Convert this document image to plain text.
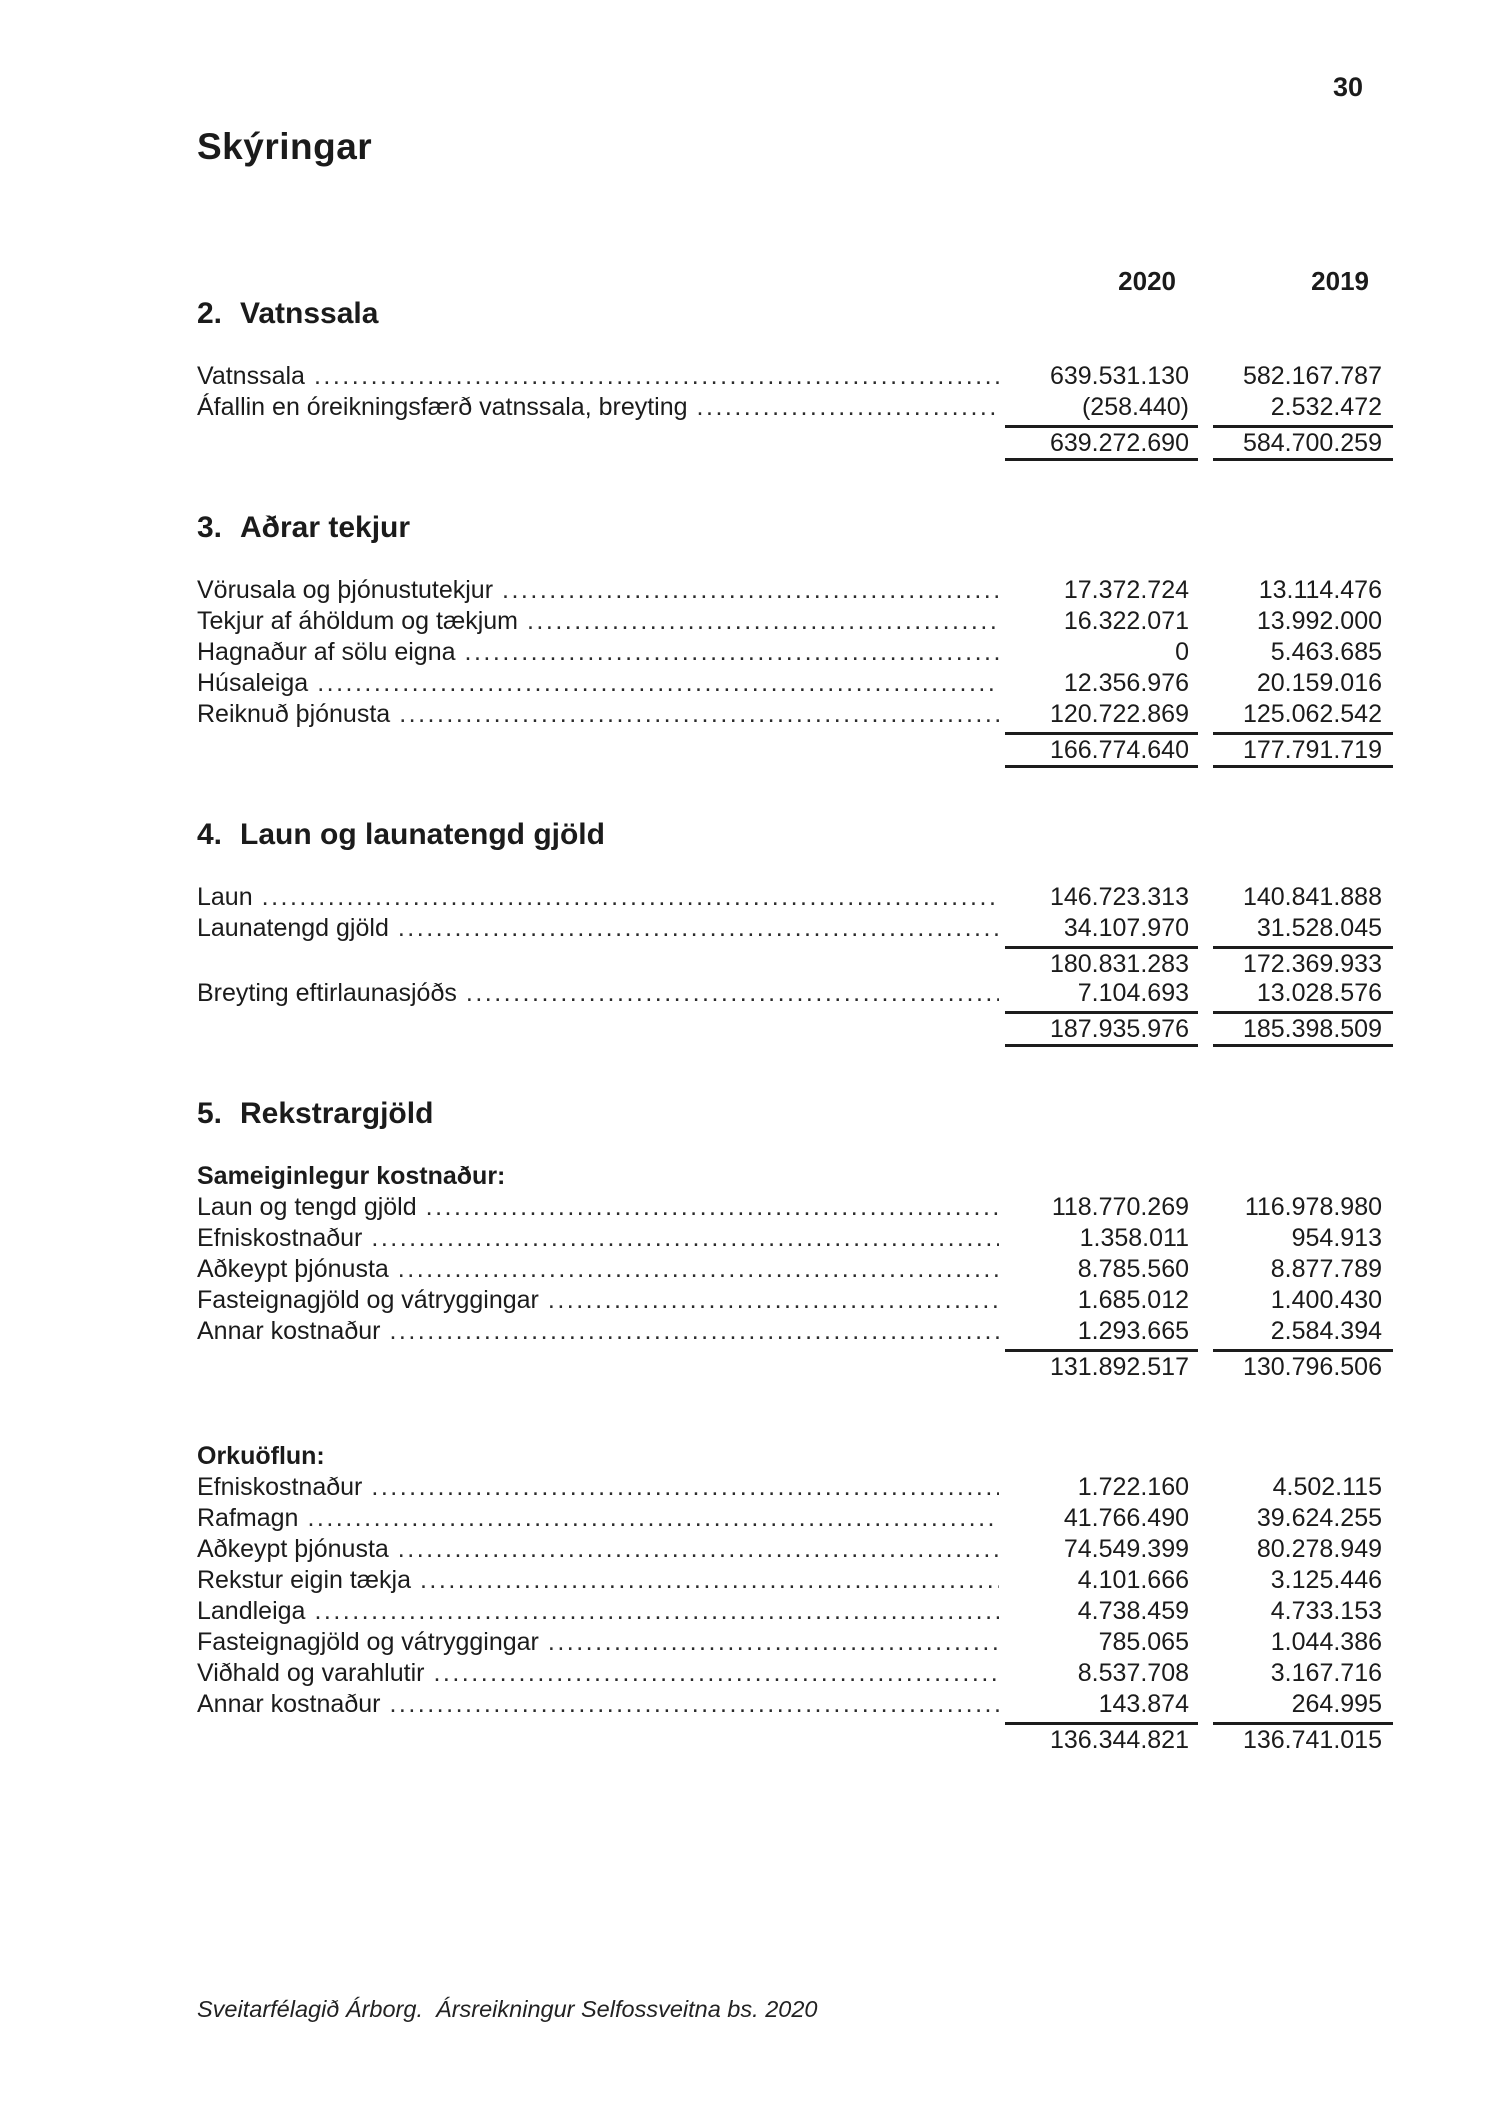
30
Skýringar
2020	2019
2. Vatnssala
Vatnssala .....	639.531.130	582.167.787
Áfallin en óreikningsfærð vatnssala, breyting .....	(258.440)	2.532.472
639.272.690	584.700.259
3. Aðrar tekjur
Vörusala og þjónustutekjur .....	17.372.724	13.114.476
Tekjur af áhöldum og tækjum .....	16.322.071	13.992.000
Hagnaður af sölu eigna .....	0	5.463.685
Húsaleiga .....	12.356.976	20.159.016
Reiknuð þjónusta .....	120.722.869	125.062.542
166.774.640	177.791.719
4. Laun og launatengd gjöld
Laun .....	146.723.313	140.841.888
Launatengd gjöld .....	34.107.970	31.528.045
180.831.283	172.369.933
Breyting eftirlaunasjóðs .....	7.104.693	13.028.576
187.935.976	185.398.509
5. Rekstrargjöld
Sameiginlegur kostnaður:
Laun og tengd gjöld .....	118.770.269	116.978.980
Efniskostnaður .....	1.358.011	954.913
Aðkeypt þjónusta .....	8.785.560	8.877.789
Fasteignagjöld og vátryggingar .....	1.685.012	1.400.430
Annar kostnaður .....	1.293.665	2.584.394
131.892.517	130.796.506
Orkuöflun:
Efniskostnaður .....	1.722.160	4.502.115
Rafmagn .....	41.766.490	39.624.255
Aðkeypt þjónusta .....	74.549.399	80.278.949
Rekstur eigin tækja .....	4.101.666	3.125.446
Landleiga .....	4.738.459	4.733.153
Fasteignagjöld og vátryggingar .....	785.065	1.044.386
Viðhald og varahlutir .....	8.537.708	3.167.716
Annar kostnaður .....	143.874	264.995
136.344.821	136.741.015
Sveitarfélagið Árborg.  Ársreikningur Selfossveitna bs. 2020
